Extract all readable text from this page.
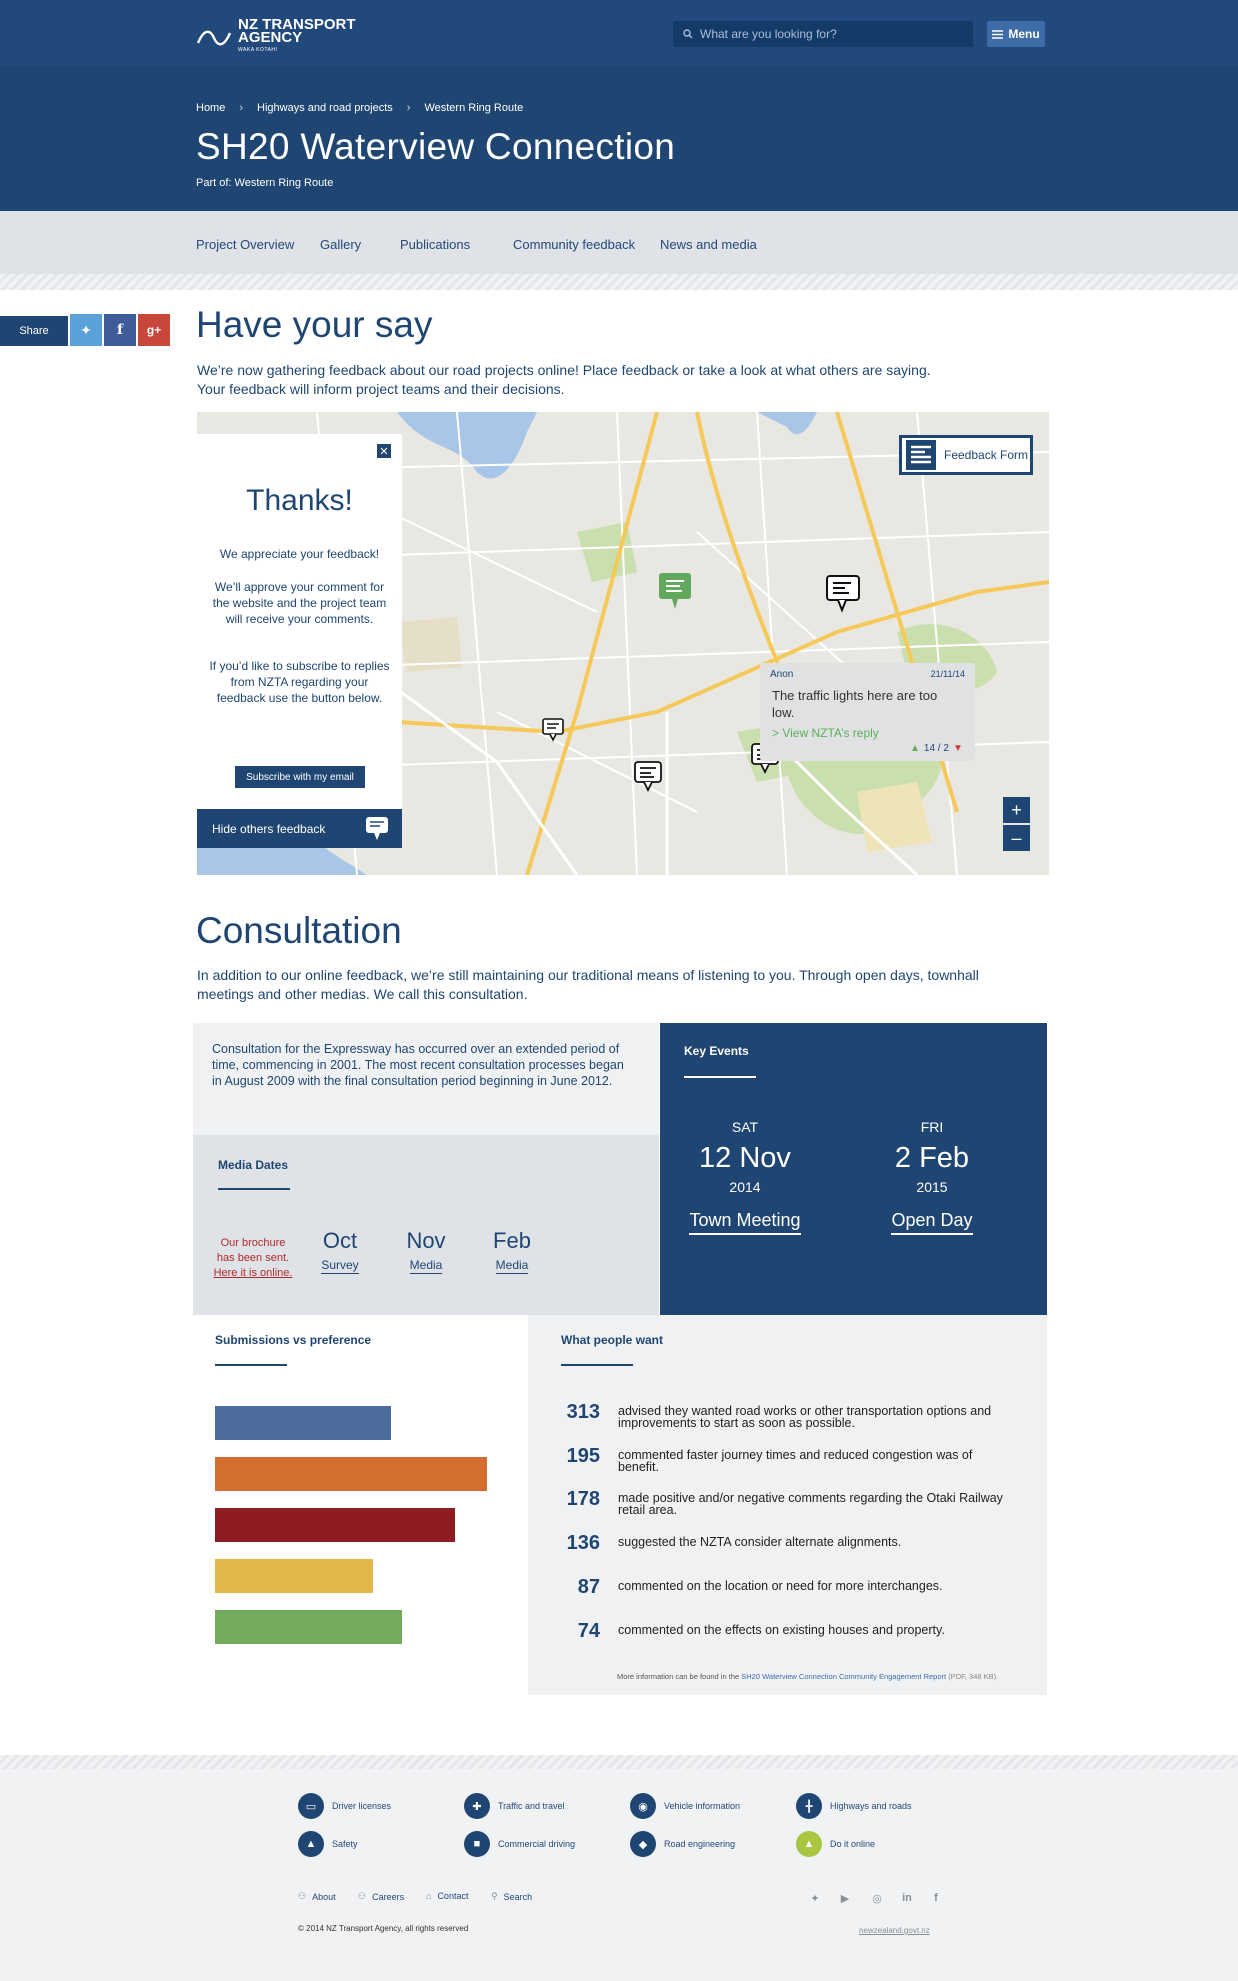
NZ TRANSPORT
AGENCY
WAKA KOTAHI
What are you looking for?	Menu
Home › Highways and road projects › Western Ring Route
SH20 Waterview Connection
Part of: Western Ring Route
Project Overview Gallery	Publications	Community feedback News and media
Share	✦ f g+ Have your say

We’re now gathering feedback about our road projects online! Place feedback or take a look at what others are saying.

Your feedback will inform project teams and their decisions.

Anon	21/11/14
The traffic lights here are too low.
> View NZTA’s reply
▲ 14 / 2 ▼
Feedback Form
+
–
Thanks!

We appreciate your feedback!

We’ll approve your comment for the website and the project team will receive your comments.

If you’d like to subscribe to replies from NZTA regarding your feedback use the button below.

✕
Subscribe with my email
Hide others feedback
Consultation

In addition to our online feedback, we’re still maintaining our traditional means of listening to you. Through open days, townhall

meetings and other medias. We call this consultation.

Consultation for the Expressway has occurred over an extended period of time, commencing in 2001. The most recent consultation processes began in August 2009 with the final consultation period beginning in June 2012.

Media Dates
Our brochure
has been sent.
Here it is online.
Oct
Survey
Nov
Media
Feb
Media
Key Events
SAT
12 Nov
2014
Town Meeting
FRI
2 Feb
2015
Open Day
Submissions vs preference	What people want
313 advised they wanted road works or other transportation options and improvements to start as soon as possible.
195 commented faster journey times and reduced congestion was of benefit.
178 made positive and/or negative comments regarding the Otaki Railway retail area.
136 suggested the NZTA consider alternate alignments.
87 commented on the location or need for more interchanges.
74 commented on the effects on existing houses and property.
More information can be found in the SH20 Waterview Connection Community Engagement Report (PDF, 348 KB).
▭	Driver licenses	✚	Traffic and travel	◉	Vehicle information	╋	Highways and roads
▲	Safety	■	Commercial driving	◆	Road engineering	▲	Do it online
⚇ About ⚇ Careers ⌂ Contact	⚲ Search
© 2014 NZ Transport Agency, all rights reserved
✦ ▶ ◎ in	f
newzealand.govt.nz
